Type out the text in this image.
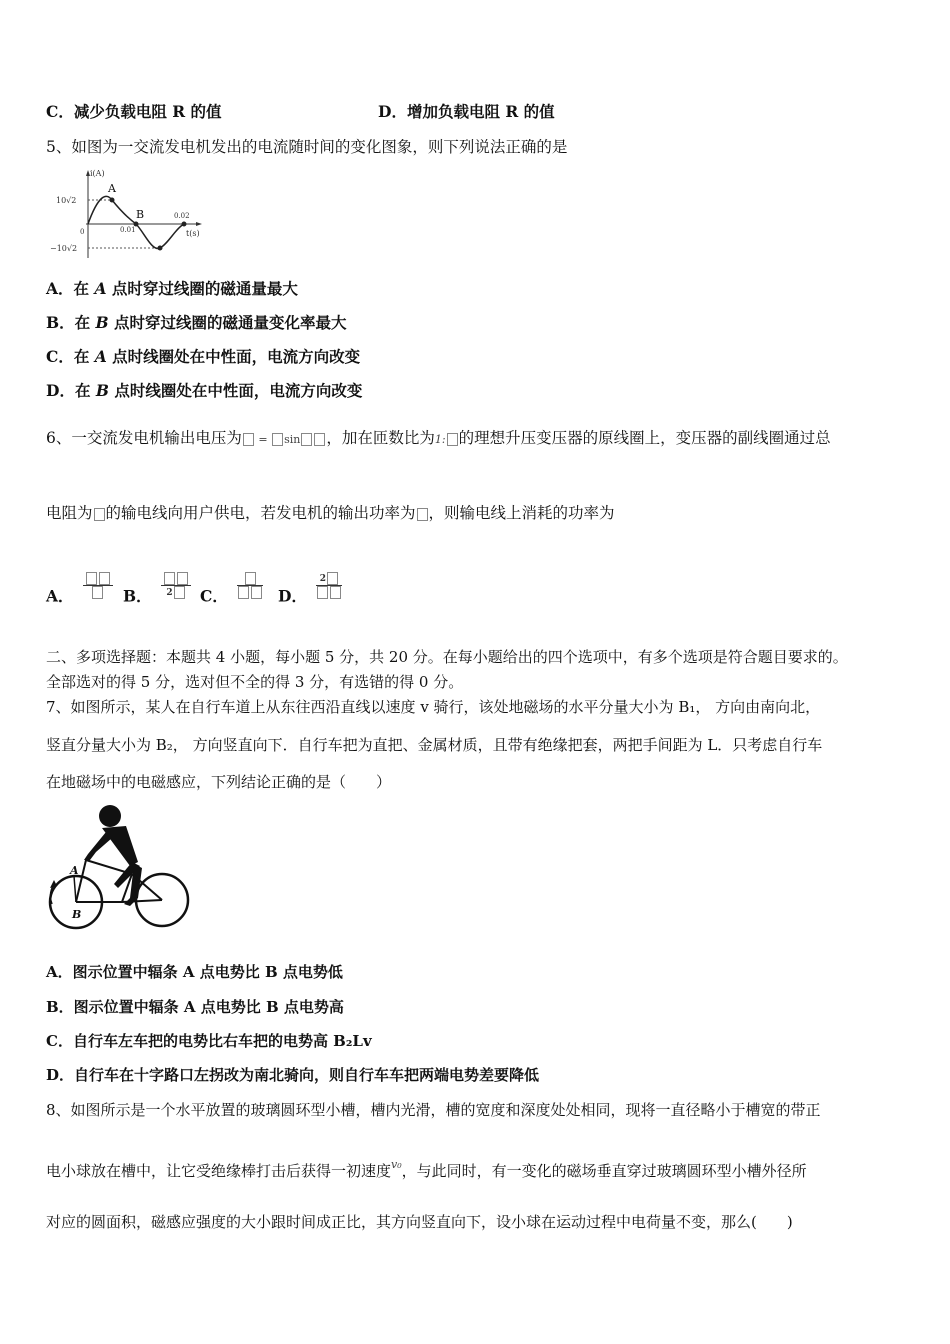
C．减少负载电阻 R 的值	D．增加负载电阻 R 的值
5、如图为一交流发电机发出的电流随时间的变化图象，则下列说法正确的是
i(A)
t(s)
10√2
−10√2
0	0.01
0.02
A
B
A．在 A 点时穿过线圈的磁通量最大
B．在 B 点时穿过线圈的磁通量变化率最大
C．在 A 点时线圈处在中性面，电流方向改变
D．在 B 点时线圈处在中性面，电流方向改变
6、一交流发电机输出电压为 = sin ，加在匝数比为1: 的理想升压变压器的原线圈上，变压器的副线圈通过总
电阻为 的输电线向用户供电，若发电机的输出功率为 ，则输电线上消耗的功率为
A．	B．	2	C．	D．
2
二、多项选择题：本题共 4 小题，每小题 5 分，共 20 分。在每小题给出的四个选项中，有多个选项是符合题目要求的。
全部选对的得 5 分，选对但不全的得 3 分，有选错的得 0 分。
7、如图所示，某人在自行车道上从东往西沿直线以速度 v 骑行，该处地磁场的水平分量大小为 B₁， 方向由南向北，
竖直分量大小为 B₂， 方向竖直向下．自行车把为直把、金属材质，且带有绝缘把套，两把手间距为 L．只考虑自行车
在地磁场中的电磁感应，下列结论正确的是（　　）
A
B
A．图示位置中辐条 A 点电势比 B 点电势低
B．图示位置中辐条 A 点电势比 B 点电势高
C．自行车左车把的电势比右车把的电势高 B₂Lv
D．自行车在十字路口左拐改为南北骑向，则自行车车把两端电势差要降低
8、如图所示是一个水平放置的玻璃圆环型小槽，槽内光滑，槽的宽度和深度处处相同，现将一直径略小于槽宽的带正
电小球放在槽中，让它受绝缘棒打击后获得一初速度$^{v_0}$，与此同时，有一变化的磁场垂直穿过玻璃圆环型小槽外径所
对应的圆面积，磁感应强度的大小跟时间成正比，其方向竖直向下，设小球在运动过程中电荷量不变，那么(　　)
